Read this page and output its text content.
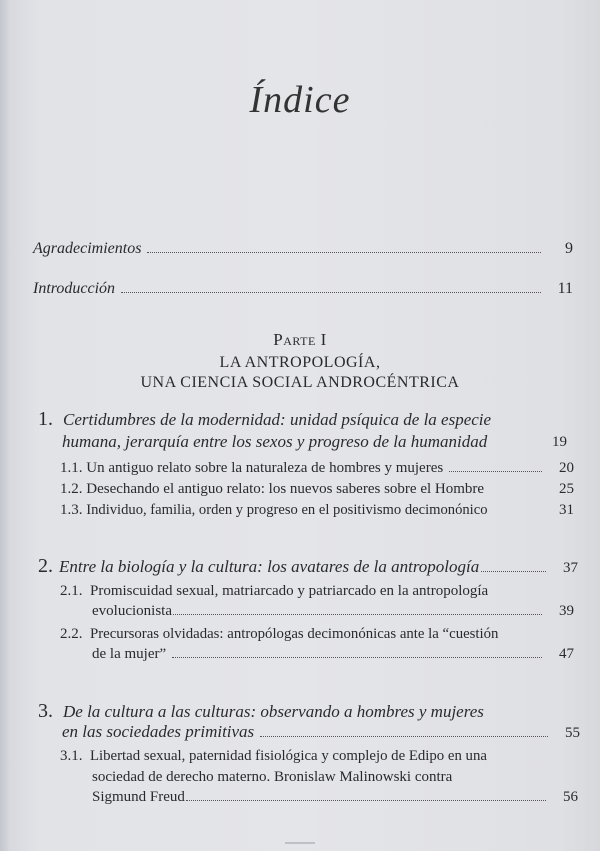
Índice
Agradecimientos	9
Introducción	11
Parte I
LA ANTROPOLOGÍA,
UNA CIENCIA SOCIAL ANDROCÉNTRICA
1. Certidumbres de la modernidad: unidad psíquica de la especie
humana, jerarquía entre los sexos y progreso de la humanidad	19
1.1.
Un antiguo relato sobre la naturaleza de hombres y mujeres	20
1.2.
Desechando el antiguo relato: los nuevos saberes sobre el Hombre	25
1.3.
Individuo, familia, orden y progreso en el positivismo decimonónico	31
2. Entre la biología y la cultura: los avatares de la antropología	37
2.1. Promiscuidad sexual, matriarcado y patriarcado en la antropología
evolucionista	39
2.2. Precursoras olvidadas: antropólogas decimonónicas ante la “cuestión
de la mujer”	47
3. De la cultura a las culturas: observando a hombres y mujeres
en las sociedades primitivas	55
3.1. Libertad sexual, paternidad fisiológica y complejo de Edipo en una
sociedad de derecho materno. Bronislaw Malinowski contra
Sigmund Freud	56
